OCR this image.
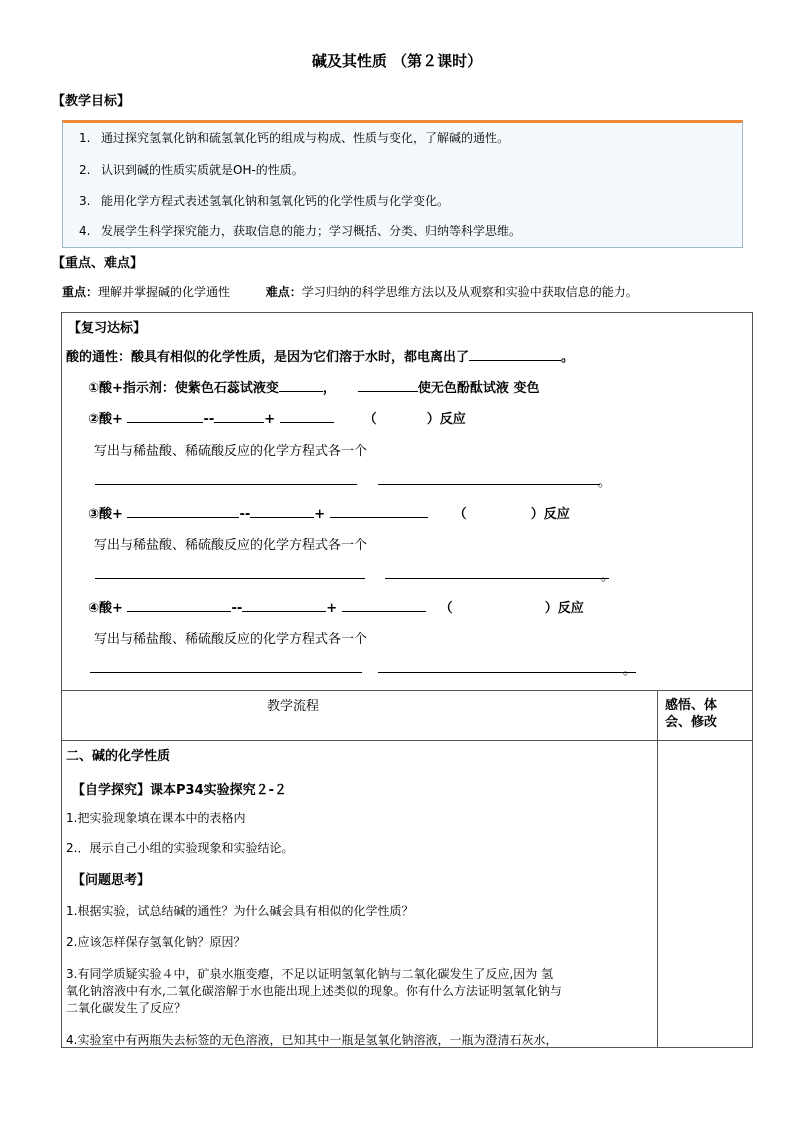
碱及其性质 （第２课时）
【教学目标】
1. 通过探究氢氧化钠和硫氢氧化钙的组成与构成、性质与变化，了解碱的通性。
2. 认识到碱的性质实质就是OH-的性质。
3. 能用化学方程式表述氢氧化钠和氢氧化钙的化学性质与化学变化。
4. 发展学生科学探究能力，获取信息的能力；学习概括、分类、归纳等科学思维。
【重点、难点】
重点：理解并掌握碱的化学通性	难点：学习归纳的科学思维方法以及从观察和实验中获取信息的能力。
【复习达标】
酸的通性：酸具有相似的化学性质，是因为它们溶于水时，都电离出了	。
①酸+指示剂：使紫色石蕊试液变	，	使无色酚酞试液 变色
②酸+	--	+	（	）反应
写出与稀盐酸、稀硫酸反应的化学方程式各一个
。
③酸+	--	+	（	）反应
写出与稀盐酸、稀硫酸反应的化学方程式各一个
。
④酸+	--	+	（	）反应
写出与稀盐酸、稀硫酸反应的化学方程式各一个
。
教学流程	感悟、体
会、修改
二、碱的化学性质
【自学探究】课本P34实验探究２-２
1.把实验现象填在课本中的表格内
2.．展示自己小组的实验现象和实验结论。
【问题思考】
1.根据实验，试总结碱的通性？为什么碱会具有相似的化学性质？
2.应该怎样保存氢氧化钠？原因？
3.有同学质疑实验４中，矿泉水瓶变瘪，不足以证明氢氧化钠与二氧化碳发生了反应,因为 氢
氧化钠溶液中有水,二氧化碳溶解于水也能出现上述类似的现象。你有什么方法证明氢氧化钠与
二氧化碳发生了反应？
4.实验室中有两瓶失去标签的无色溶液，已知其中一瓶是氢氧化钠溶液，一瓶为澄清石灰水，
